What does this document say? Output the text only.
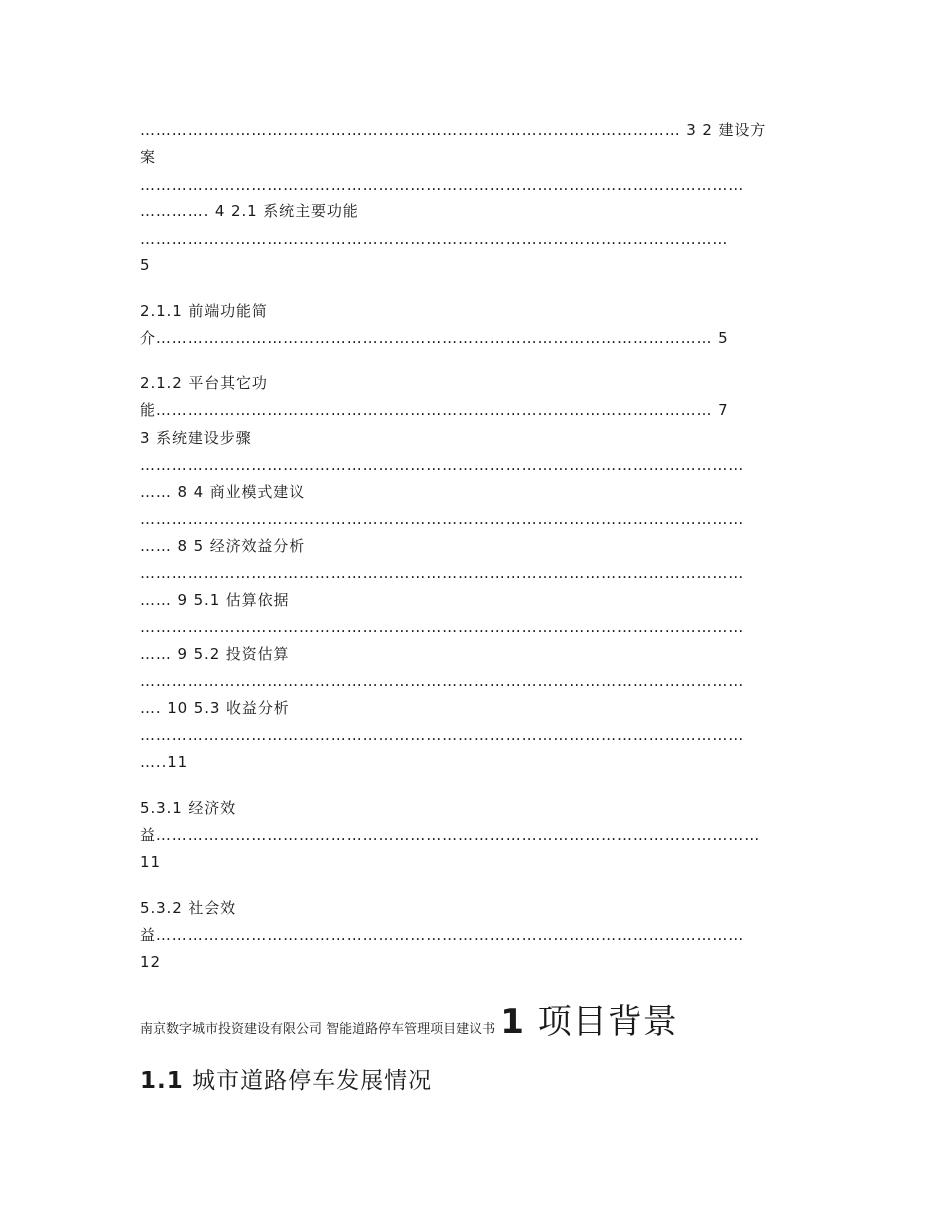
………………………………………………………………………………………… 3 2 建设方
案
……………………………………………………………………………………………………
…………. 4 2.1 系统主要功能
…………………………………………………………………………………………………
5
2.1.1 前端功能简
介…………………………………………………………………………………………… 5
2.1.2 平台其它功
能…………………………………………………………………………………………… 7
3 系统建设步骤
……………………………………………………………………………………………………
…… 8 4 商业模式建议
……………………………………………………………………………………………………
…… 8 5 经济效益分析
……………………………………………………………………………………………………
…… 9 5.1 估算依据
……………………………………………………………………………………………………
…… 9 5.2 投资估算
……………………………………………………………………………………………………
…. 10 5.3 收益分析
……………………………………………………………………………………………………
…..11
5.3.1 经济效
益……………………………………………………………………………………………………
11
5.3.2 社会效
益…………………………………………………………………………………………………
12
南京数字城市投资建设有限公司 智能道路停车管理项目建议书 1 项目背景
1.1 城市道路停车发展情况
